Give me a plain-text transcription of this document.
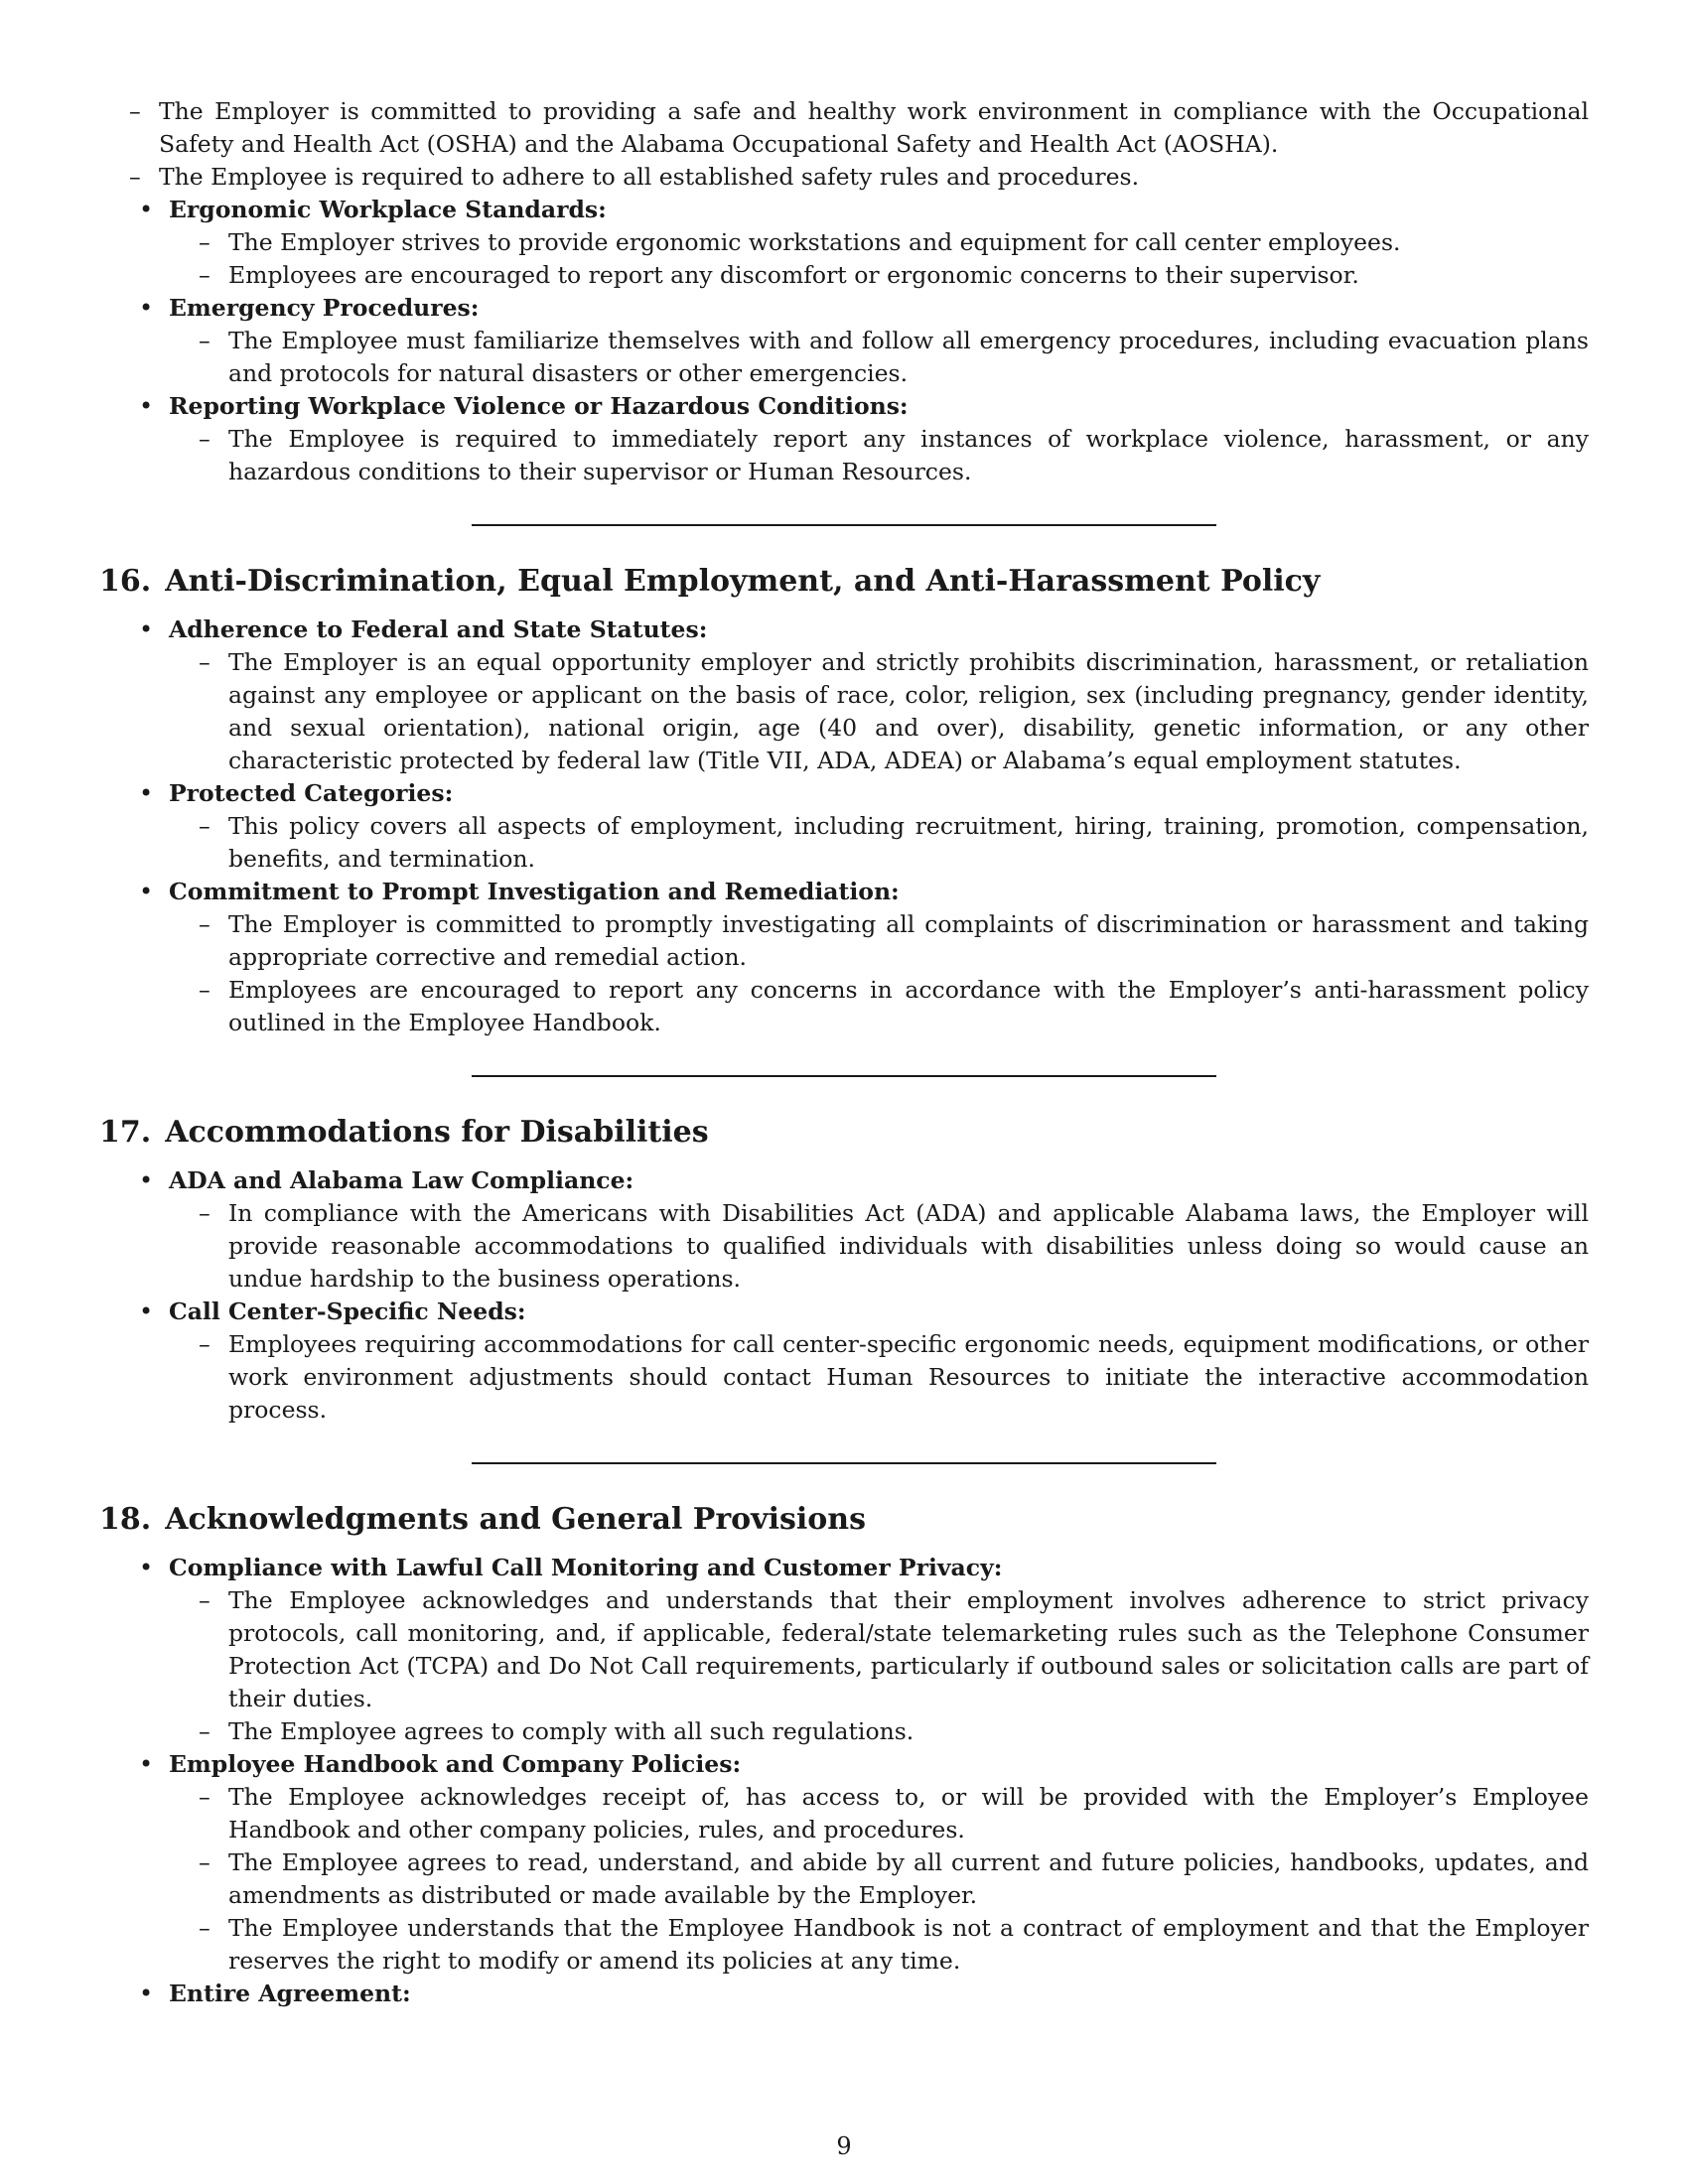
– The Employer is committed to providing a safe and healthy work environment in compliance with the Occupational Safety and Health Act (OSHA) and the Alabama Occupational Safety and Health Act (AOSHA).
– The Employee is required to adhere to all established safety rules and procedures.
• Ergonomic Workplace Standards:
– The Employer strives to provide ergonomic workstations and equipment for call center employees.
– Employees are encouraged to report any discomfort or ergonomic concerns to their supervisor.
• Emergency Procedures:
– The Employee must familiarize themselves with and follow all emergency procedures, including evacuation plans and protocols for natural disasters or other emergencies.
• Reporting Workplace Violence or Hazardous Conditions:
– The Employee is required to immediately report any instances of workplace violence, harassment, or any hazardous conditions to their supervisor or Human Resources.
16. Anti-Discrimination, Equal Employment, and Anti-Harassment Policy
• Adherence to Federal and State Statutes:
– The Employer is an equal opportunity employer and strictly prohibits discrimination, harassment, or retaliation against any employee or applicant on the basis of race, color, religion, sex (including pregnancy, gender identity, and sexual orientation), national origin, age (40 and over), disability, genetic information, or any other characteristic protected by federal law (Title VII, ADA, ADEA) or Alabama’s equal employment statutes.
• Protected Categories:
– This policy covers all aspects of employment, including recruitment, hiring, training, promotion, compensation, benefits, and termination.
• Commitment to Prompt Investigation and Remediation:
– The Employer is committed to promptly investigating all complaints of discrimination or harassment and taking appropriate corrective and remedial action.
– Employees are encouraged to report any concerns in accordance with the Employer’s anti-harassment policy outlined in the Employee Handbook.
17. Accommodations for Disabilities
• ADA and Alabama Law Compliance:
– In compliance with the Americans with Disabilities Act (ADA) and applicable Alabama laws, the Employer will provide reasonable accommodations to qualified individuals with disabilities unless doing so would cause an undue hardship to the business operations.
• Call Center-Specific Needs:
– Employees requiring accommodations for call center-specific ergonomic needs, equipment modifications, or other work environment adjustments should contact Human Resources to initiate the interactive accommodation process.
18. Acknowledgments and General Provisions
• Compliance with Lawful Call Monitoring and Customer Privacy:
– The Employee acknowledges and understands that their employment involves adherence to strict privacy protocols, call monitoring, and, if applicable, federal/state telemarketing rules such as the Telephone Consumer Protection Act (TCPA) and Do Not Call requirements, particularly if outbound sales or solicitation calls are part of their duties.
– The Employee agrees to comply with all such regulations.
• Employee Handbook and Company Policies:
– The Employee acknowledges receipt of, has access to, or will be provided with the Employer’s Employee Handbook and other company policies, rules, and procedures.
– The Employee agrees to read, understand, and abide by all current and future policies, handbooks, updates, and amendments as distributed or made available by the Employer.
– The Employee understands that the Employee Handbook is not a contract of employment and that the Employer reserves the right to modify or amend its policies at any time.
• Entire Agreement:
9
